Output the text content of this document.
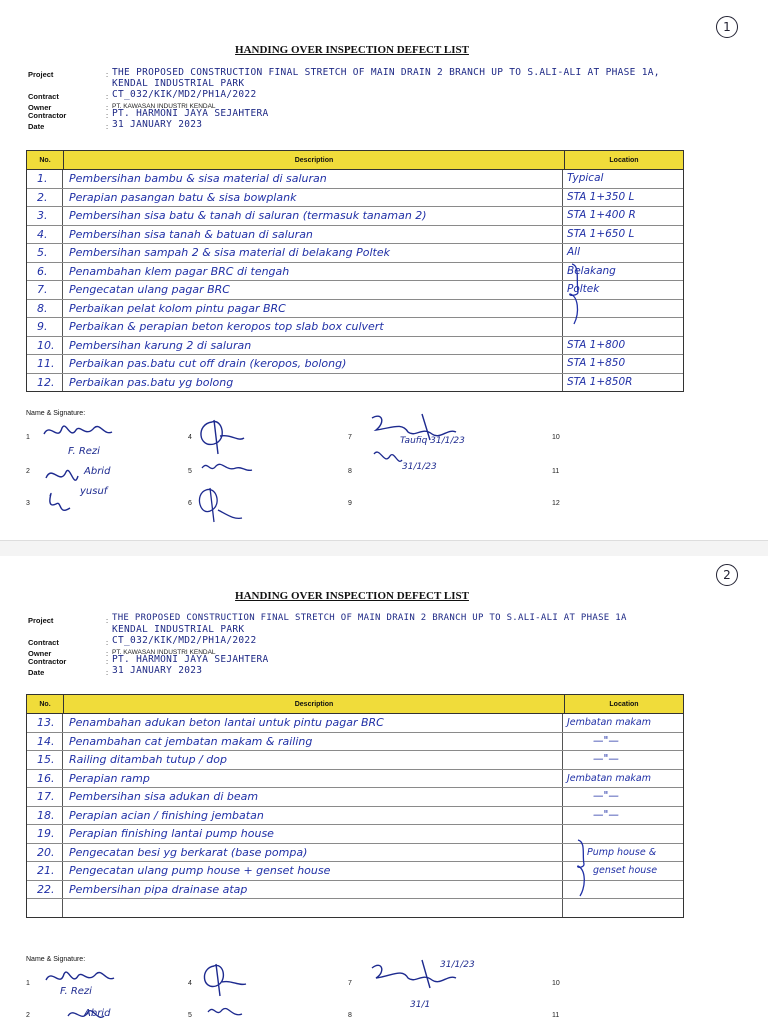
1
HANDING OVER INSPECTION DEFECT LIST
Project	: THE PROPOSED CONSTRUCTION FINAL STRETCH OF MAIN DRAIN 2 BRANCH UP TO S.ALI-ALI AT PHASE 1A,
KENDAL INDUSTRIAL PARK
Contract	: CT_032/KIK/MD2/PH1A/2022
Owner	: PT. KAWASAN INDUSTRI KENDAL
Contractor	: PT. HARMONI JAYA SEJAHTERA
Date	: 31 JANUARY 2023
No.	Description	Location
1.	Pembersihan bambu & sisa material di saluran	Typical
2.	Perapian pasangan batu & sisa bowplank	STA 1+350 L
3.	Pembersihan sisa batu & tanah di saluran (termasuk tanaman 2)	STA 1+400 R
4.	Pembersihan sisa tanah & batuan di saluran	STA 1+650 L
5.	Pembersihan sampah 2 & sisa material di belakang Poltek	All
6.	Penambahan klem pagar BRC di tengah	Belakang
7.	Pengecatan ulang pagar BRC	Poltek
8.	Perbaikan pelat kolom pintu pagar BRC
9.	Perbaikan & perapian beton keropos top slab box culvert
10.	Pembersihan karung 2 di saluran	STA 1+800
11.	Perbaikan pas.batu cut off drain (keropos, bolong)	STA 1+850
12.	Perbaikan pas.batu yg bolong	STA 1+850R
Name & Signature:
1
2
3
4
5
6
7
8
9
10
11
12
F. Rezi
Abrid
yusuf
Taufiq 31/1/23
31/1/23
2
HANDING OVER INSPECTION DEFECT LIST
Project	: THE PROPOSED CONSTRUCTION FINAL STRETCH OF MAIN DRAIN 2 BRANCH UP TO S.ALI-ALI AT PHASE 1A
KENDAL INDUSTRIAL PARK
Contract	: CT_032/KIK/MD2/PH1A/2022
Owner	: PT. KAWASAN INDUSTRI KENDAL
Contractor	: PT. HARMONI JAYA SEJAHTERA
Date	: 31 JANUARY 2023
No.	Description	Location
13.	Penambahan adukan beton lantai untuk pintu pagar BRC	Jembatan makam
14.	Penambahan cat jembatan makam & railing	—"—
15.	Railing ditambah tutup / dop	—"—
16.	Perapian ramp	Jembatan makam
17.	Pembersihan sisa adukan di beam	—"—
18.	Perapian acian / finishing jembatan	—"—
19.	Perapian finishing lantai pump house
20.	Pengecatan besi yg berkarat (base pompa)	Pump house &
21.	Pengecatan ulang pump house + genset house	genset house
22.	Pembersihan pipa drainase atap
Name & Signature:
1
2
4
5
7
8
10
11
F. Rezi
Abrid
31/1/23
31/1
